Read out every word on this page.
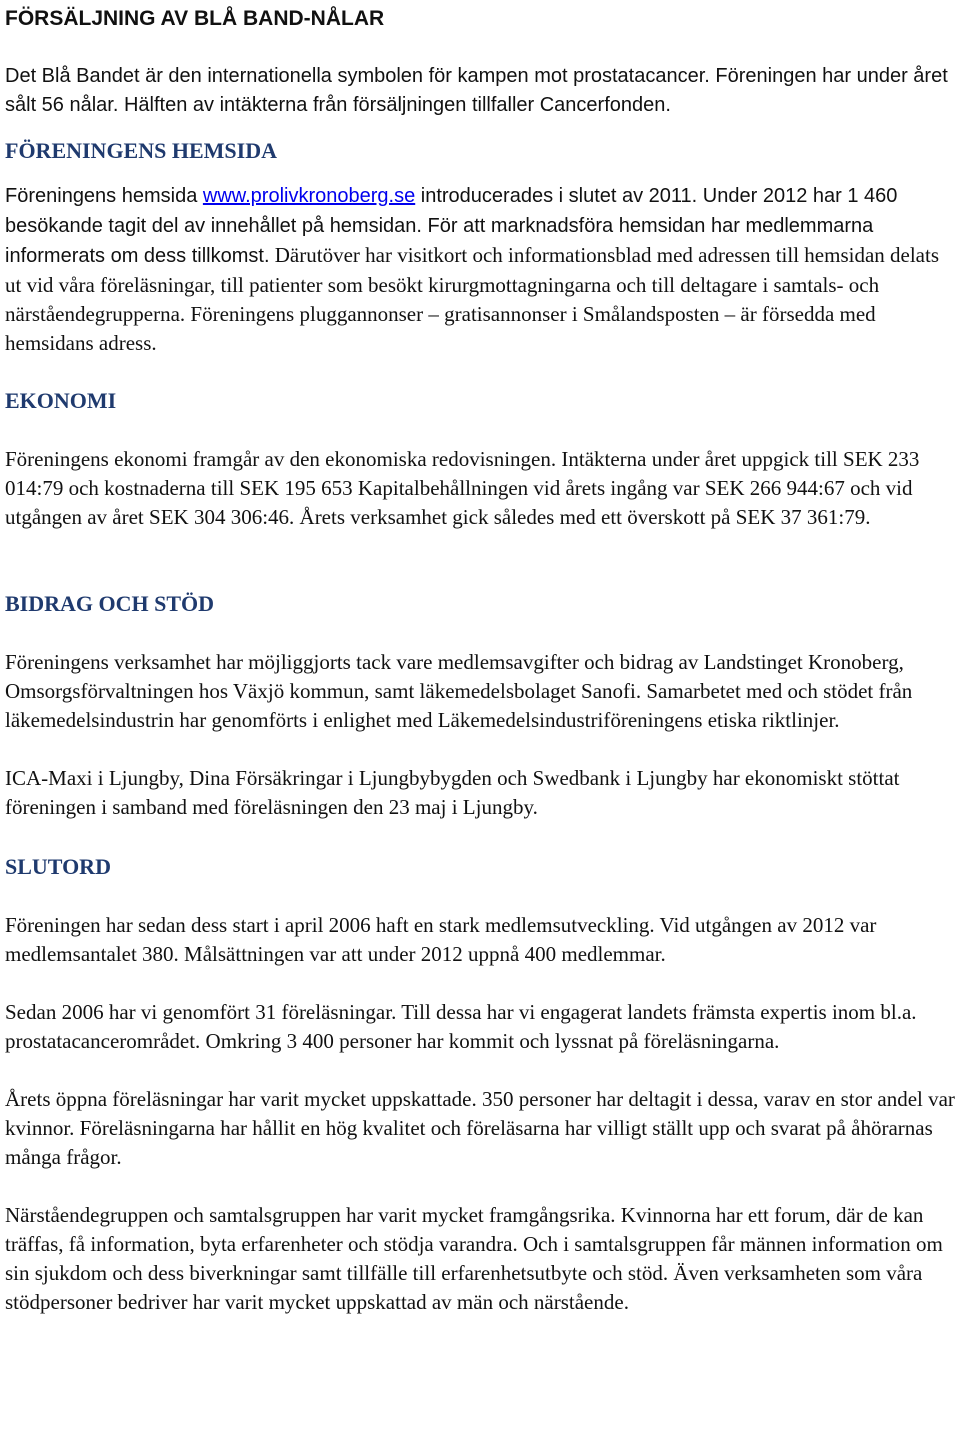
FÖRSÄLJNING AV BLÅ BAND-NÅLAR

Det Blå Bandet är den internationella symbolen för kampen mot prostatacancer. Föreningen har under året sålt 56 nålar. Hälften av intäkterna från försäljningen tillfaller Cancerfonden.

FÖRENINGENS HEMSIDA

Föreningens hemsida www.prolivkronoberg.se introducerades i slutet av 2011. Under 2012 har 1 460 besökande tagit del av innehållet på hemsidan. För att marknadsföra hemsidan har medlemmarna informerats om dess tillkomst. Därutöver har visitkort och informationsblad med adressen till hemsidan delats ut vid våra föreläsningar, till patienter som besökt kirurgmottagningarna och till deltagare i samtals- och närståendegrupperna. Föreningens pluggannonser – gratisannonser i Smålandsposten – är försedda med hemsidans adress.

EKONOMI

Föreningens ekonomi framgår av den ekonomiska redovisningen. Intäkterna under året uppgick till SEK 233 014:79 och kostnaderna till SEK 195 653 Kapitalbehållningen vid årets ingång var SEK 266 944:67 och vid utgången av året SEK 304 306:46. Årets verksamhet gick således med ett överskott på SEK 37 361:79.

BIDRAG OCH STÖD

Föreningens verksamhet har möjliggjorts tack vare medlemsavgifter och bidrag av Landstinget Kronoberg, Omsorgsförvaltningen hos Växjö kommun, samt läkemedelsbolaget Sanofi. Samarbetet med och stödet från läkemedelsindustrin har genomförts i enlighet med Läkemedelsindustriföreningens etiska riktlinjer.

ICA-Maxi i Ljungby, Dina Försäkringar i Ljungbybygden och Swedbank i Ljungby har ekonomiskt stöttat föreningen i samband med föreläsningen den 23 maj i Ljungby.

SLUTORD

Föreningen har sedan dess start i april 2006 haft en stark medlemsutveckling. Vid utgången av 2012 var medlemsantalet 380. Målsättningen var att under 2012 uppnå 400 medlemmar.

Sedan 2006 har vi genomfört 31 föreläsningar. Till dessa har vi engagerat landets främsta expertis inom bl.a. prostatacancerområdet. Omkring 3 400 personer har kommit och lyssnat på föreläsningarna.

Årets öppna föreläsningar har varit mycket uppskattade. 350 personer har deltagit i dessa, varav en stor andel var kvinnor. Föreläsningarna har hållit en hög kvalitet och föreläsarna har villigt ställt upp och svarat på åhörarnas många frågor.

Närståendegruppen och samtalsgruppen har varit mycket framgångsrika. Kvinnorna har ett forum, där de kan träffas, få information, byta erfarenheter och stödja varandra. Och i samtalsgruppen får männen information om sin sjukdom och dess biverkningar samt tillfälle till erfarenhetsutbyte och stöd. Även verksamheten som våra stödpersoner bedriver har varit mycket uppskattad av män och närstående.
